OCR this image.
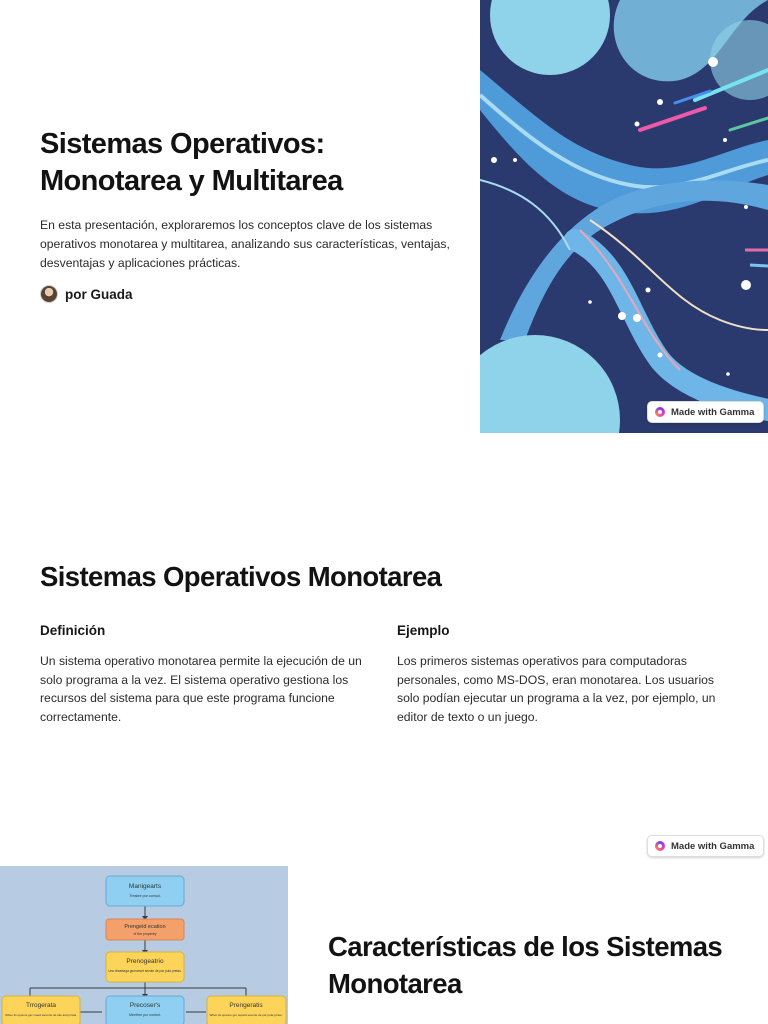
Sistemas Operativos: Monotarea y Multitarea

En esta presentación, exploraremos los conceptos clave de los sistemas operativos monotarea y multitarea, analizando sus características, ventajas, desventajas y aplicaciones prácticas.

por Guada
Made with Gamma
Sistemas Operativos Monotarea
Definición

Un sistema operativo monotarea permite la ejecución de un solo programa a la vez. El sistema operativo gestiona los recursos del sistema para que este programa funcione correctamente.

Ejemplo

Los primeros sistemas operativos para computadoras personales, como MS-DOS, eran monotarea. Los usuarios solo podían ejecutar un programa a la vez, por ejemplo, un editor de texto o un juego.

Made with Gamma
Manigearts
Treabre pur corrool.
Prengeid ecation
of the propertry
Prenogeatrio
Uno tirealsega georanvet sevote de par pula pretas.
Trrogerata
When ils opuone ger maed wevorte de sile and prrats.
Precoser's
Meethre pur control.
Prengeratis
When ils opuone ger sepuid sevorte de par pula prrats.
Características de los Sistemas Monotarea
